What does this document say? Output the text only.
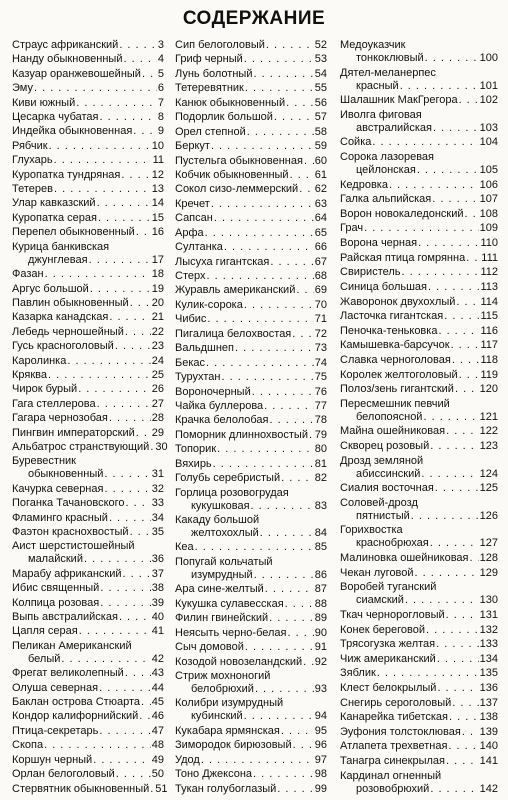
СОДЕРЖАНИЕ
Страус африканский . . .	3
Нанду обыкновенный . . .	4
Казуар оранжевошейный . . . 5
Эму . . .	6
Киви южный . . .	7
Цесарка чубатая . . .	8
Индейка обыкновенная . . . 9
Рябчик . . .	10
Глухарь . . .	11
Куропатка тундряная . . .	12
Тетерев . . .	13
Улар кавказский . . .	14
Куропатка серая . . .	15
Перепел обыкновенный . . . 16
Курица банкивская
джунглевая . . .	17
Фазан . . .	18
Аргус большой . . .	19
Павлин обыкновенный . . . 20
Казарка канадская . . .	21
Лебедь черношейный . . .	22
Гусь красноголовый . . .	23
Каролинка . . .	24
Кряква . . .	25
Чирок бурый . . .	26
Гага стеллерова . . .	27
Гагара чернозобая . . .	28
Пингвин императорский . . . 29
Альбатрос странствующий . . . 30
Буревестник
обыкновенный . . .	31
Качурка северная . . .	32
Поганка Тачановского . . . 33
Фламинго красный . . .	34
Фаэтон краснохвостый . . . 35
Аист шерстистошейный
малайский . . .	36
Марабу африканский . . .	37
Ибис священный . . .	38
Колпица розовая . . .	39
Выпь австралийская . . .	40
Цапля серая . . .	41
Пеликан Американский
белый . . .	42
Фрегат великолепный . . .	43
Олуша северная . . .	44
Баклан острова Стюарта . . . 45
Кондор калифорнийский . . . 46
Птица-секретарь . . .	47
Скопа . . .	48
Коршун черный . . .	49
Орлан белоголовый . . .	50
Стервятник обыкновенный . . . 51
Сип белоголовый . . .	52
Гриф черный . . .	53
Лунь болотный . . .	54
Тетеревятник . . .	55
Канюк обыкновенный . . .	56
Подорлик большой . . .	57
Орел степной . . .	58
Беркут . . .	59
Пустельга обыкновенная . . . 60
Кобчик обыкновенный . . . 61
Сокол сизо-леммерский . . . 62
Кречет . . .	63
Сапсан . . .	64
Арфа . . .	65
Султанка . . .	66
Лысуха гигантская . . .	67
Стерх . . .	68
Журавль американский . . . 69
Кулик-сорока . . .	70
Чибис . . .	71
Пигалица белохвостая . . . 72
Вальдшнеп . . .	73
Бекас . . .	74
Турухтан . . .	75
Вороночерный . . .	76
Чайка буллерова . . .	77
Крачка белолобая . . .	78
Поморник длиннохвостый . . . 79
Топорик . . .	80
Вяхирь . . .	81
Голубь серебристый . . .	82
Горлица розовогрудая
кукушковая . . .	83
Какаду большой
желтохохлый . . .	84
Кеа . . .	85
Попугай кольчатый
изумрудный . . .	86
Ара сине-желтый . . .	87
Кукушка сулавесская . . .	88
Филин гвинейский . . .	89
Неясыть черно-белая . . .	90
Сыч домовой . . .	91
Козодой новозеландский . . . 92
Стриж мохноногий
белобрюхий . . .	93
Колибри изумрудный
кубинский . . .	94
Кукабара ярмянская . . .	95
Зимородок бирюзовый . . . 96
Удод . . .	97
Тоно Джексона . . .	98
Тукан голубоглазый . . .	99
Медоуказчик
тонкоклювый . . .	100
Дятел-меланерпес
красный . . .	101
Шалашник МакГрегора . . . 102
Иволга фиговая
австралийская . . .	103
Сойка . . .	104
Сорока лазоревая
цейлонская . . .	105
Кедровка . . .	106
Галка альпийская . . .	107
Ворон новокаледонский . . . 108
Грач . . .	109
Ворона черная . . .	110
Райская птица гомрянна . . . 111
Свиристель . . .	112
Синица большая . . .	113
Жаворонок двухохлый . . . 114
Ласточка гигантская . . .	115
Пеночка-теньковка . . .	116
Камышевка-барсучок . . .	117
Славка черноголовая . . .	118
Королек желтоголовый . . . 119
Полоз/зень гигантский . . . 120
Пересмешник певчий
белопоясной . . .	121
Майна ошейниковая . . .	122
Скворец розовый . . .	123
Дрозд земляной
абиссинский . . .	124
Сиалия восточная . . .	125
Соловей-дрозд
пятнистый . . .	126
Горихвостка
краснобрюхая . . .	127
Малиновка ошейниковая . . . 128
Чекан луговой . . .	129
Воробей туганский
сиамский . . .	130
Ткач чернорогловый . . .	131
Конек береговой . . .	132
Трясогузка желтая . . .	133
Чиж американский . . .	134
Зяблик . . .	135
Клест белокрылый . . .	136
Снегирь сероголовый . . .	137
Канарейка тибетская . . .	138
Эуфония толстоклювая . . . 139
Атлапета трехветная . . .	140
Танагра синекрылая . . .	141
Кардинал огненный
розовобрюхий . . .	142
